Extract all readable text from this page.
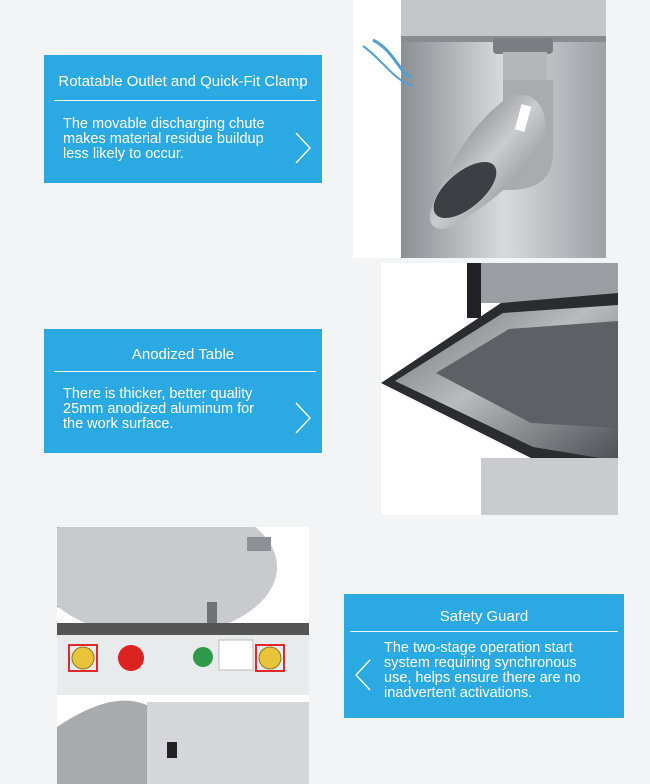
Rotatable Outlet and Quick-Fit Clamp
The movable discharging chute
makes material residue buildup
less likely to occur.
Anodized Table
There is thicker, better quality
25mm anodized aluminum for
the work surface.
Safety Guard
The two-stage operation start
system requiring synchronous
use, helps ensure there are no
inadvertent activations.
